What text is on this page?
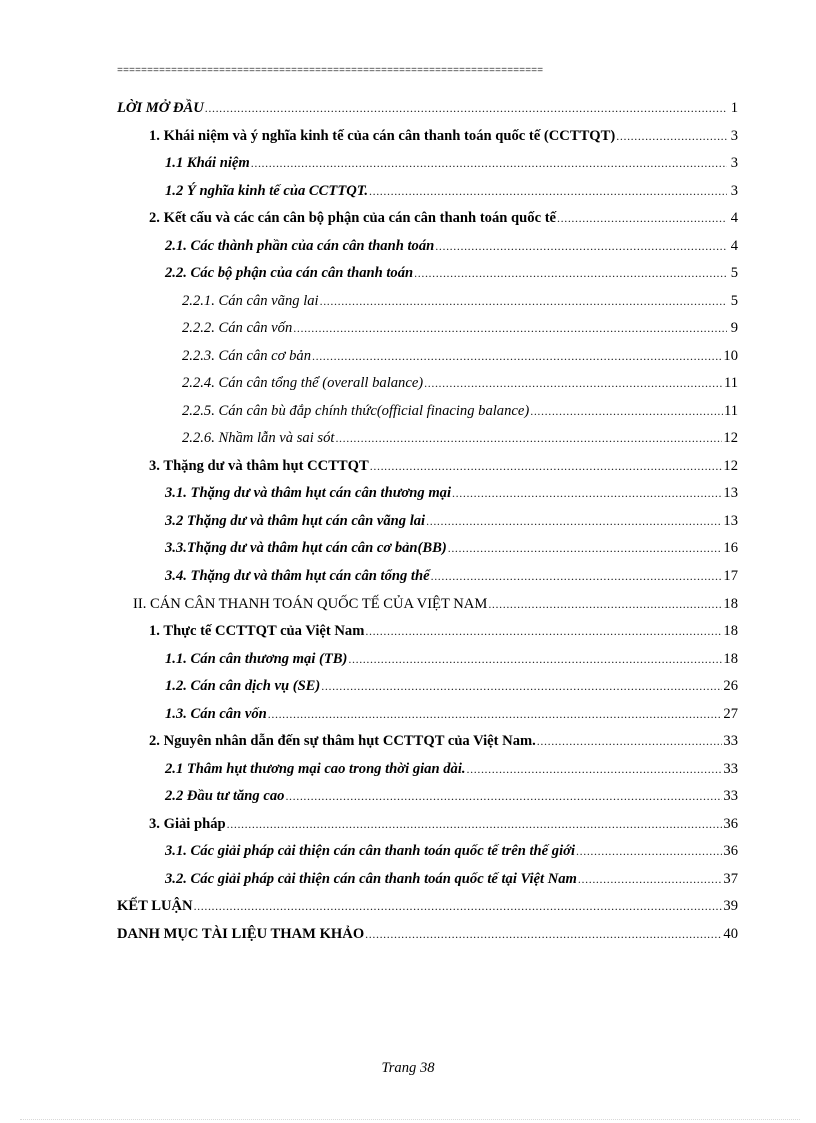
=======================================================================
LỜI MỞ ĐẦU .....	1
1. Khái niệm và ý nghĩa kinh tế của cán cân thanh toán quốc tế (CCTTQT) .....	3
1.1 Khái niệm .....	3
1.2 Ý nghĩa kinh tế của CCTTQT. .....	3
2. Kết cấu và các cán cân bộ phận của cán cân thanh toán quốc tế .....	4
2.1. Các thành phần của cán cân thanh toán .....	4
2.2. Các bộ phận của cán cân thanh toán .....	5
2.2.1. Cán cân vãng lai .....	5
2.2.2. Cán cân vốn .....	9
2.2.3. Cán cân cơ bản .....	10
2.2.4. Cán cân tổng thể (overall balance) .....	11
2.2.5. Cán cân bù đắp chính thức(official finacing balance) .....	11
2.2.6. Nhầm lẫn và sai sót .....	12
3. Thặng dư và thâm hụt CCTTQT .....	12
3.1. Thặng dư và thâm hụt cán cân thương mại .....	13
3.2 Thặng dư và thâm hụt cán cân vãng lai .....	13
3.3.Thặng dư và thâm hụt cán cân cơ bản(BB) .....	16
3.4. Thặng dư và thâm hụt cán cân tổng thể .....	17
II. CÁN CÂN THANH TOÁN QUỐC TẾ CỦA VIỆT NAM .....	18
1. Thực tế CCTTQT của Việt Nam .....	18
1.1. Cán cân thương mại (TB) .....	18
1.2. Cán cân dịch vụ (SE) .....	26
1.3. Cán cân vốn .....	27
2. Nguyên nhân dẫn đến sự thâm hụt CCTTQT của Việt Nam. .....	33
2.1 Thâm hụt thương mại cao trong thời gian dài. .....	33
2.2 Đầu tư tăng cao .....	33
3. Giải pháp .....	36
3.1. Các giải pháp cải thiện cán cân thanh toán quốc tế trên thế giới .....	36
3.2. Các giải pháp cải thiện cán cân thanh toán quốc tế tại Việt Nam .....	37
KẾT LUẬN .....	39
DANH MỤC TÀI LIỆU THAM KHẢO .....	40
Trang 38
